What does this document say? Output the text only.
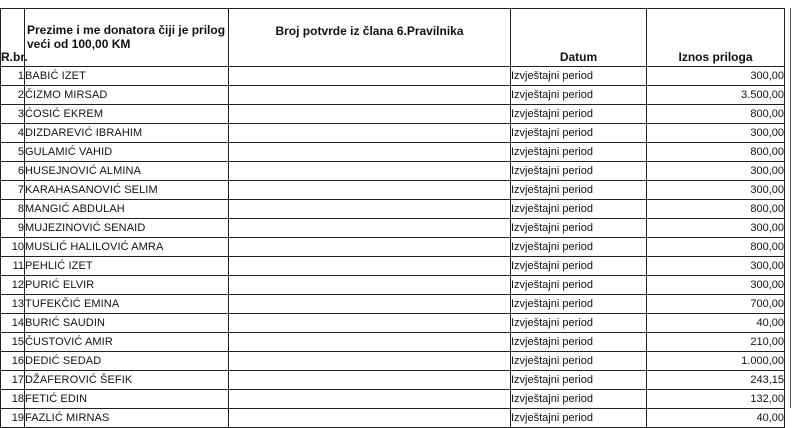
R.br.	Prezime i me donatora čiji je prilog veći od 100,00 KM	Broj potvrde iz člana 6.Pravilnika	Datum	Iznos priloga
1	BABIĆ IZET		Izvještajni period	300,00
2	ČIZMO MIRSAD		Izvještajni period	3.500,00
3	ĆOSIĆ EKREM		Izvještajni period	800,00
4	DIZDAREVIĆ IBRAHIM		Izvještajni period	300,00
5	GULAMIĆ VAHID		Izvještajni period	800,00
6	HUSEJNOVIĆ ALMINA		Izvještajni period	300,00
7	KARAHASANOVIĆ SELIM		Izvještajni period	300,00
8	MANGIĆ ABDULAH		Izvještajni period	800,00
9	MUJEZINOVIĆ SENAID		Izvještajni period	300,00
10	MUSLIĆ HALILOVIĆ AMRA		Izvještajni period	800,00
11	PEHLIĆ IZET		Izvještajni period	300,00
12	PURIĆ ELVIR		Izvještajni period	300,00
13	TUFEKČIĆ EMINA		Izvještajni period	700,00
14	BURIĆ SAUDIN		Izvještajni period	40,00
15	ČUSTOVIĆ AMIR		Izvještajni period	210,00
16	DEDIĆ SEDAD		Izvještajni period	1.000,00
17	DŽAFEROVIĆ ŠEFIK		Izvještajni period	243,15
18	FETIĆ EDIN		Izvještajni period	132,00
19	FAZLIĆ MIRNAS		Izvještajni period	40,00
